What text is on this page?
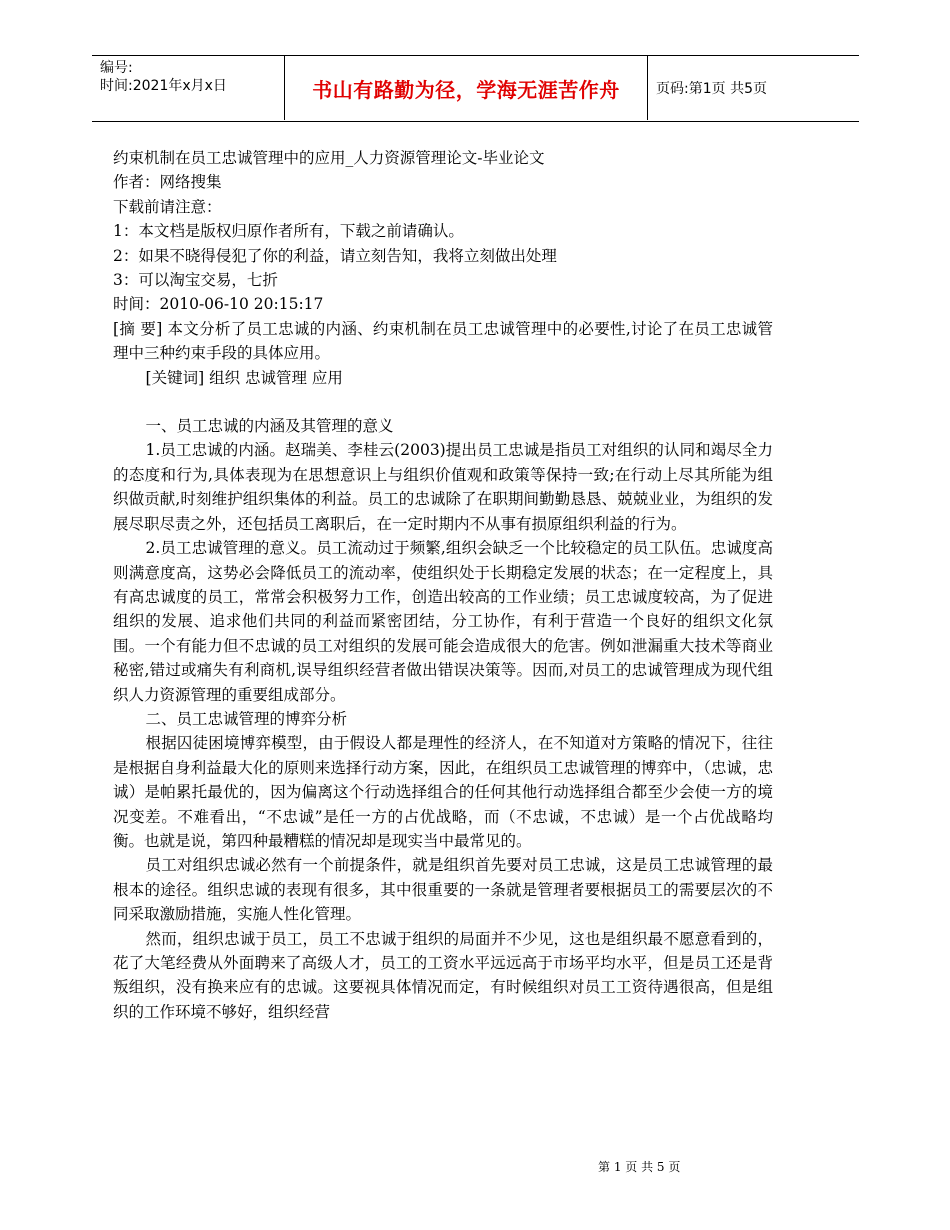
编号:
时间:2021年x月x日	书山有路勤为径，学海无涯苦作舟	页码:第1页 共5页

约束机制在员工忠诚管理中的应用_人力资源管理论文-毕业论文

作者：网络搜集

下载前请注意：

1：本文档是版权归原作者所有，下载之前请确认。

2：如果不晓得侵犯了你的利益，请立刻告知，我将立刻做出处理

3：可以淘宝交易，七折

时间：2010-06-10 20:15:17

[摘 要] 本文分析了员工忠诚的内涵、约束机制在员工忠诚管理中的必要性,讨论了在员工忠诚管理中三种约束手段的具体应用。

[关键词] 组织 忠诚管理 应用

一、员工忠诚的内涵及其管理的意义

1.员工忠诚的内涵。赵瑞美、李桂云(2003)提出员工忠诚是指员工对组织的认同和竭尽全力的态度和行为,具体表现为在思想意识上与组织价值观和政策等保持一致;在行动上尽其所能为组织做贡献,时刻维护组织集体的利益。员工的忠诚除了在职期间勤勤恳恳、兢兢业业，为组织的发展尽职尽责之外，还包括员工离职后，在一定时期内不从事有损原组织利益的行为。

2.员工忠诚管理的意义。员工流动过于频繁,组织会缺乏一个比较稳定的员工队伍。忠诚度高则满意度高，这势必会降低员工的流动率，使组织处于长期稳定发展的状态；在一定程度上，具有高忠诚度的员工，常常会积极努力工作，创造出较高的工作业绩；员工忠诚度较高，为了促进组织的发展、追求他们共同的利益而紧密团结，分工协作，有利于营造一个良好的组织文化氛围。一个有能力但不忠诚的员工对组织的发展可能会造成很大的危害。例如泄漏重大技术等商业秘密,错过或痛失有利商机,误导组织经营者做出错误决策等。因而,对员工的忠诚管理成为现代组织人力资源管理的重要组成部分。

二、员工忠诚管理的博弈分析

根据囚徒困境博弈模型，由于假设人都是理性的经济人，在不知道对方策略的情况下，往往是根据自身利益最大化的原则来选择行动方案，因此，在组织员工忠诚管理的博弈中，（忠诚，忠诚）是帕累托最优的，因为偏离这个行动选择组合的任何其他行动选择组合都至少会使一方的境况变差。不难看出，“不忠诚”是任一方的占优战略，而（不忠诚，不忠诚）是一个占优战略均衡。也就是说，第四种最糟糕的情况却是现实当中最常见的。

员工对组织忠诚必然有一个前提条件，就是组织首先要对员工忠诚，这是员工忠诚管理的最根本的途径。组织忠诚的表现有很多，其中很重要的一条就是管理者要根据员工的需要层次的不同采取激励措施，实施人性化管理。

然而，组织忠诚于员工，员工不忠诚于组织的局面并不少见，这也是组织最不愿意看到的，花了大笔经费从外面聘来了高级人才，员工的工资水平远远高于市场平均水平，但是员工还是背叛组织，没有换来应有的忠诚。这要视具体情况而定，有时候组织对员工工资待遇很高，但是组织的工作环境不够好，组织经营

第 1 页 共 5 页
